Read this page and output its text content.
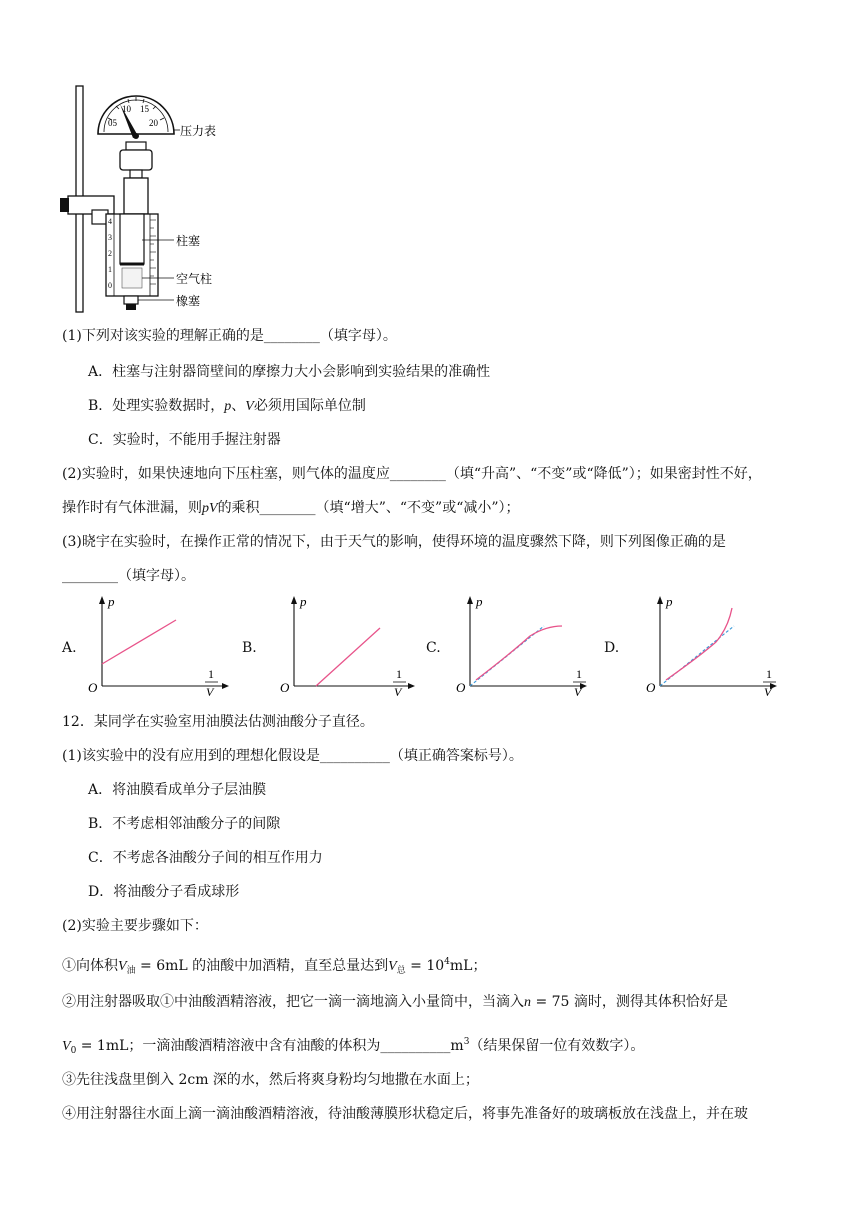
10 15
05	20
压力表
4
3
2
1
0
柱塞
空气柱
橡塞
(1)下列对该实验的理解正确的是________（填字母）。
A．柱塞与注射器筒壁间的摩擦力大小会影响到实验结果的准确性
B．处理实验数据时，p、V必须用国际单位制
C．实验时，不能用手握注射器
(2)实验时，如果快速地向下压柱塞，则气体的温度应________（填“升高”、“不变”或“降低”）；如果密封性不好，
操作时有气体泄漏，则pV的乘积________（填“增大”、“不变”或“减小”）；
(3)晓宇在实验时，在操作正常的情况下，由于天气的影响，使得环境的温度骤然下降，则下列图像正确的是
________（填字母）。
A.	B.	C.	D.
p
O
1
V
p
O
1
V
p
O
1
V
p
O
1
V
12．某同学在实验室用油膜法估测油酸分子直径。
(1)该实验中的没有应用到的理想化假设是__________（填正确答案标号）。
A．将油膜看成单分子层油膜
B．不考虑相邻油酸分子的间隙
C．不考虑各油酸分子间的相互作用力
D．将油酸分子看成球形
(2)实验主要步骤如下：
①向体积$V_油 = 6mL$ 的油酸中加酒精，直至总量达到$V_总 = 10^4mL$；
②用注射器吸取①中油酸酒精溶液，把它一滴一滴地滴入小量筒中，当滴入n = 75 滴时，测得其体积恰好是
$V_0 = 1mL$；一滴油酸酒精溶液中含有油酸的体积为$\_\_\_\_\_\_\_\_\_\_m^3$（结果保留一位有效数字）。
③先往浅盘里倒入 2cm 深的水，然后将爽身粉均匀地撒在水面上；
④用注射器往水面上滴一滴油酸酒精溶液，待油酸薄膜形状稳定后，将事先准备好的玻璃板放在浅盘上，并在玻
